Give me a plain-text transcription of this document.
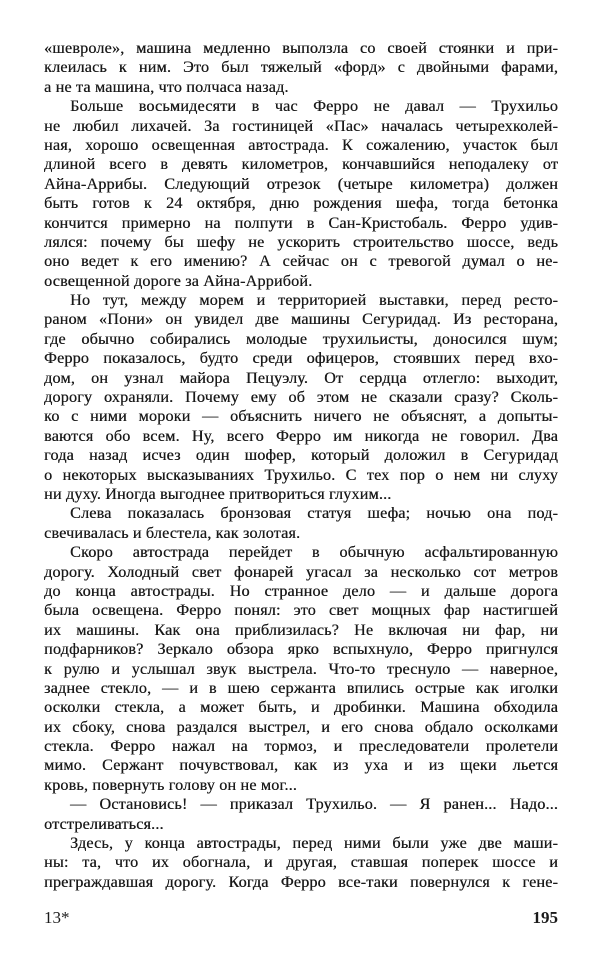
«шевроле», машина медленно выползла со своей стоянки и при-
клеилась к ним. Это был тяжелый «форд» с двойными фарами,
а не та машина, что полчаса назад.
Больше восьмидесяти в час Ферро не давал — Трухильо
не любил лихачей. За гостиницей «Пас» началась четырехколей-
ная, хорошо освещенная автострада. К сожалению, участок был
длиной всего в девять километров, кончавшийся неподалеку от
Айна-Аррибы. Следующий отрезок (четыре километра) должен
быть готов к 24 октября, дню рождения шефа, тогда бетонка
кончится примерно на полпути в Сан-Кристобаль. Ферро удив-
лялся: почему бы шефу не ускорить строительство шоссе, ведь
оно ведет к его имению? А сейчас он с тревогой думал о не-
освещенной дороге за Айна-Аррибой.
Но тут, между морем и территорией выставки, перед ресто-
раном «Пони» он увидел две машины Сегуридад. Из ресторана,
где обычно собирались молодые трухильисты, доносился шум;
Ферро показалось, будто среди офицеров, стоявших перед вхо-
дом, он узнал майора Пецуэлу. От сердца отлегло: выходит,
дорогу охраняли. Почему ему об этом не сказали сразу? Сколь-
ко с ними мороки — объяснить ничего не объяснят, а допыты-
ваются обо всем. Ну, всего Ферро им никогда не говорил. Два
года назад исчез один шофер, который доложил в Сегуридад
о некоторых высказываниях Трухильо. С тех пор о нем ни слуху
ни духу. Иногда выгоднее притвориться глухим...
Слева показалась бронзовая статуя шефа; ночью она под-
свечивалась и блестела, как золотая.
Скоро автострада перейдет в обычную асфальтированную
дорогу. Холодный свет фонарей угасал за несколько сот метров
до конца автострады. Но странное дело — и дальше дорога
была освещена. Ферро понял: это свет мощных фар настигшей
их машины. Как она приблизилась? Не включая ни фар, ни
подфарников? Зеркало обзора ярко вспыхнуло, Ферро пригнулся
к рулю и услышал звук выстрела. Что-то треснуло — наверное,
заднее стекло, — и в шею сержанта впились острые как иголки
осколки стекла, а может быть, и дробинки. Машина обходила
их сбоку, снова раздался выстрел, и его снова обдало осколками
стекла. Ферро нажал на тормоз, и преследователи пролетели
мимо. Сержант почувствовал, как из уха и из щеки льется
кровь, повернуть голову он не мог...
— Остановись! — приказал Трухильо. — Я ранен... Надо...
отстреливаться...
Здесь, у конца автострады, перед ними были уже две маши-
ны: та, что их обогнала, и другая, ставшая поперек шоссе и
преграждавшая дорогу. Когда Ферро все-таки повернулся к гене-
13*	195
